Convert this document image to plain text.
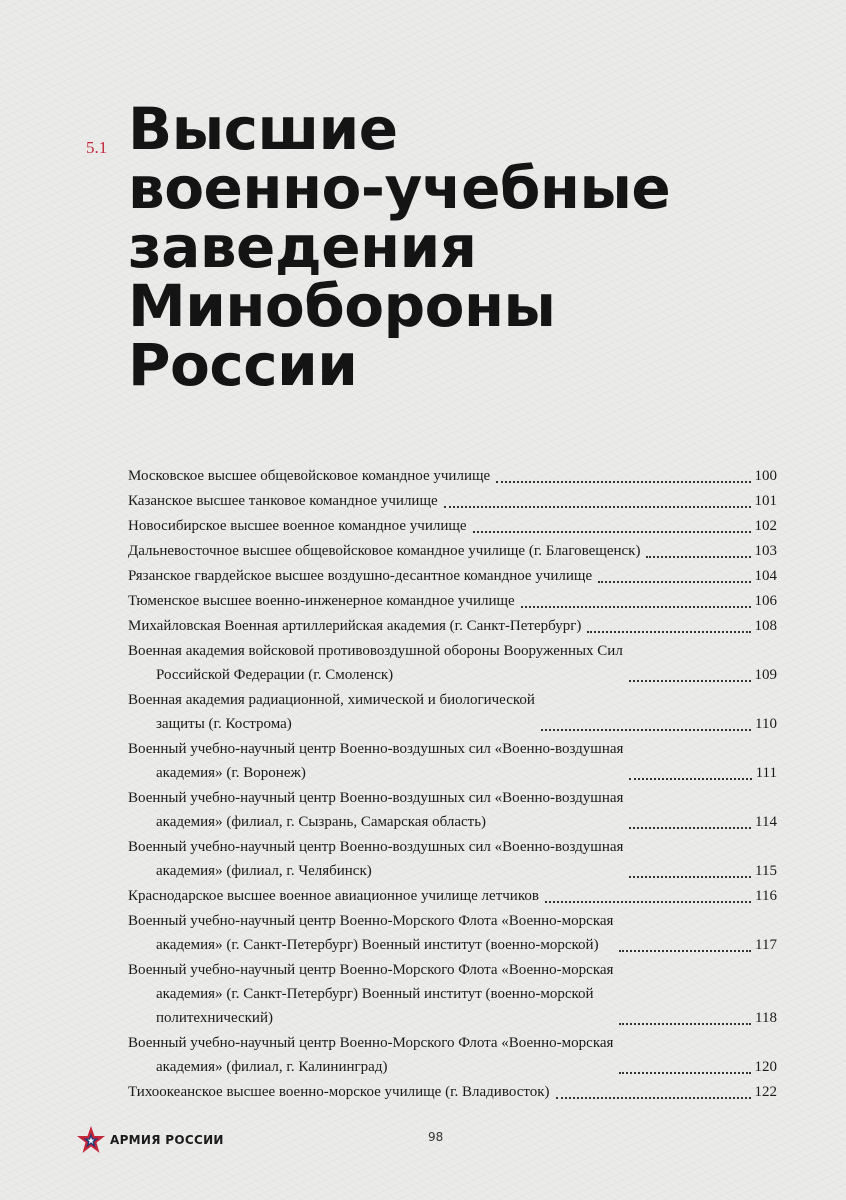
5.1 Высшие
военно-учебные
заведения
Минобороны
России
Московское высшее общевойсковое командное училище	100
Казанское высшее танковое командное училище	101
Новосибирское высшее военное командное училище	102
Дальневосточное высшее общевойсковое командное училище (г. Благовещенск)	103
Рязанское гвардейское высшее воздушно-десантное командное училище	104
Тюменское высшее военно-инженерное командное училище	106
Михайловская Военная артиллерийская академия (г. Санкт-Петербург)	108
Военная академия войсковой противовоздушной обороны Вооруженных Сил
Российской Федерации (г. Смоленск)	109
Военная академия радиационной, химической и биологической
защиты (г. Кострома)	110
Военный учебно-научный центр Военно-воздушных сил «Военно-воздушная
академия» (г. Воронеж)	111
Военный учебно-научный центр Военно-воздушных сил «Военно-воздушная
академия» (филиал, г. Сызрань, Самарская область)	114
Военный учебно-научный центр Военно-воздушных сил «Военно-воздушная
академия» (филиал, г. Челябинск)	115
Краснодарское высшее военное авиационное училище летчиков	116
Военный учебно-научный центр Военно-Морского Флота «Военно-морская
академия» (г. Санкт-Петербург) Военный институт (военно-морской)	117
Военный учебно-научный центр Военно-Морского Флота «Военно-морская
академия» (г. Санкт-Петербург) Военный институт (военно-морской
политехнический)	118
Военный учебно-научный центр Военно-Морского Флота «Военно-морская
академия» (филиал, г. Калининград)	120
Тихоокеанское высшее военно-морское училище (г. Владивосток)	122
АРМИЯ РОССИИ	98
